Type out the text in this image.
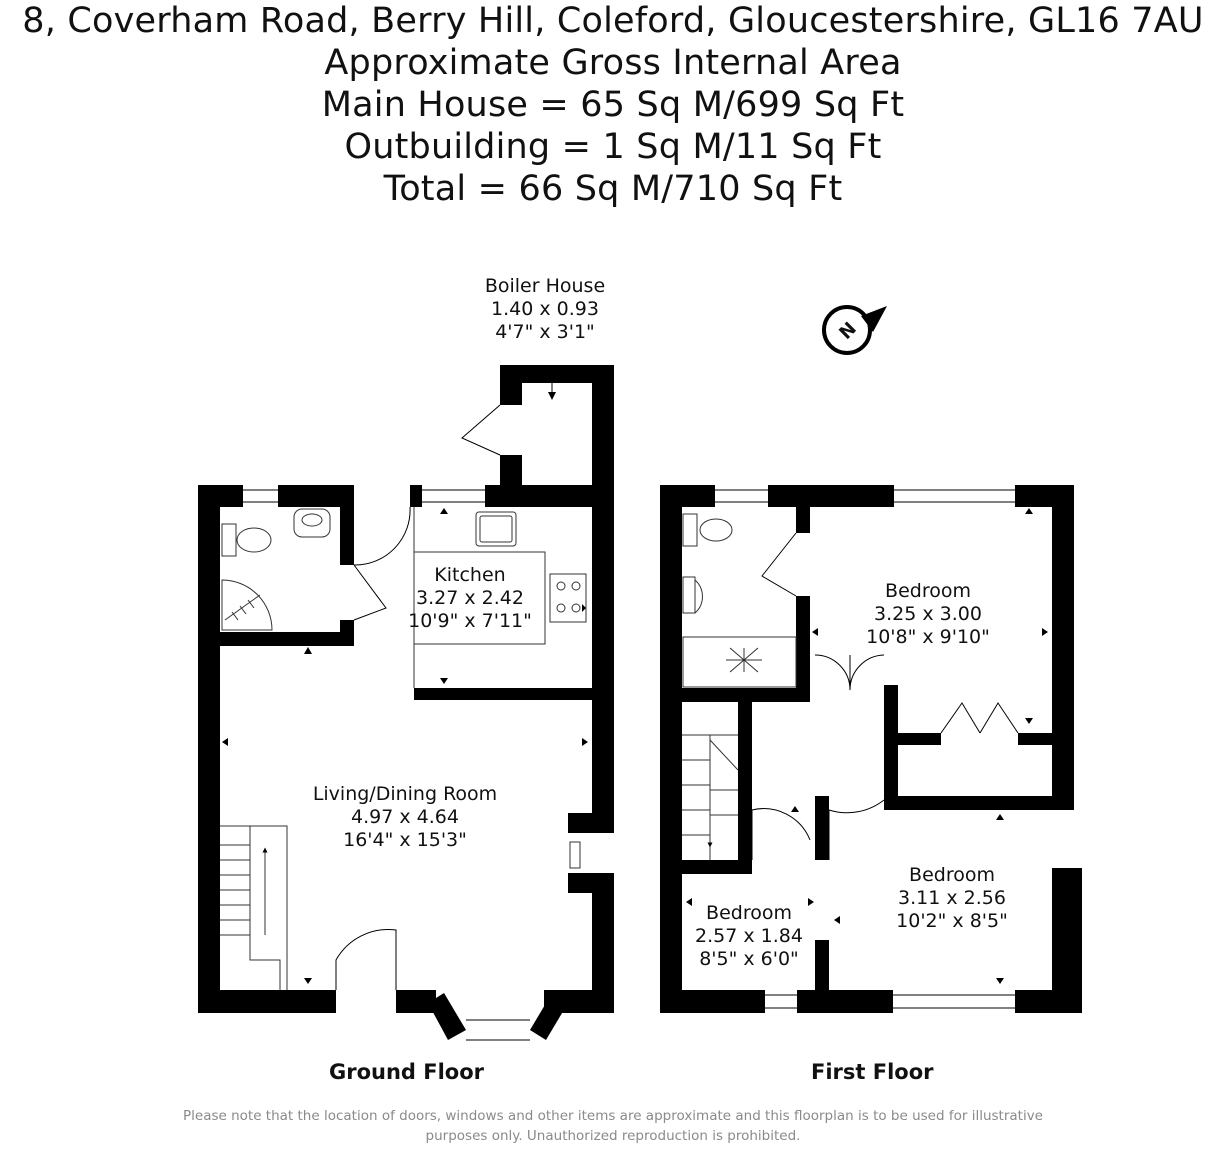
8, Coverham Road, Berry Hill, Coleford, Gloucestershire, GL16 7AU
Approximate Gross Internal Area
Main House = 65 Sq M/699 Sq Ft
Outbuilding = 1 Sq M/11 Sq Ft
Total = 66 Sq M/710 Sq Ft
Boiler House
1.40 x 0.93
4'7" x 3'1"
Kitchen
3.27 x 2.42
10'9" x 7'11"
Living/Dining Room
4.97 x 4.64
16'4" x 15'3"
Bedroom
3.25 x 3.00
10'8" x 9'10"
Bedroom
3.11 x 2.56
10'2" x 8'5"
Bedroom
2.57 x 1.84
8'5" x 6'0"
N
Ground Floor	First Floor
Please note that the location of doors, windows and other items are approximate and this floorplan is to be used for illustrative
purposes only. Unauthorized reproduction is prohibited.
